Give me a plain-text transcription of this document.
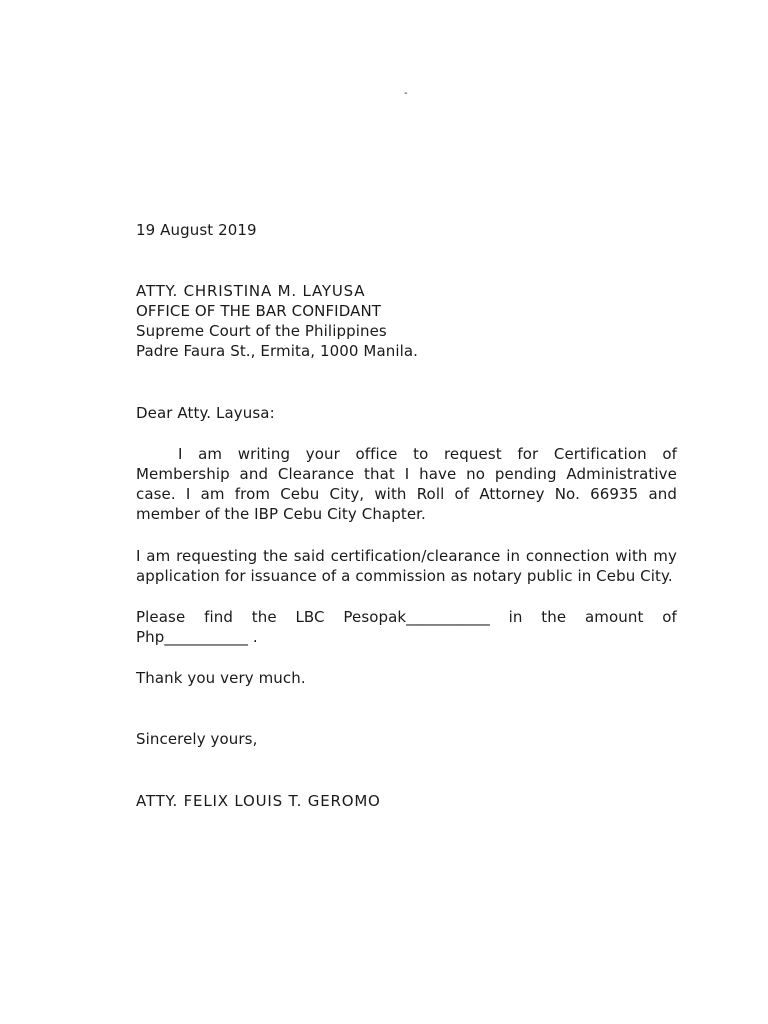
-
19 August 2019
ATTY. CHRISTINA M. LAYUSA
OFFICE OF THE BAR CONFIDANT
Supreme Court of the Philippines
Padre Faura St., Ermita, 1000 Manila.
Dear Atty. Layusa:
I am writing your office to request for Certification of Membership and Clearance that I have no pending Administrative case. I am from Cebu City, with Roll of Attorney No. 66935 and member of the IBP Cebu City Chapter.
I am requesting the said certification/clearance in connection with my application for issuance of a commission as notary public in Cebu City.
Please find the LBC Pesopak___________ in the amount of
Php___________ .
Thank you very much.
Sincerely yours,
ATTY. FELIX LOUIS T. GEROMO
